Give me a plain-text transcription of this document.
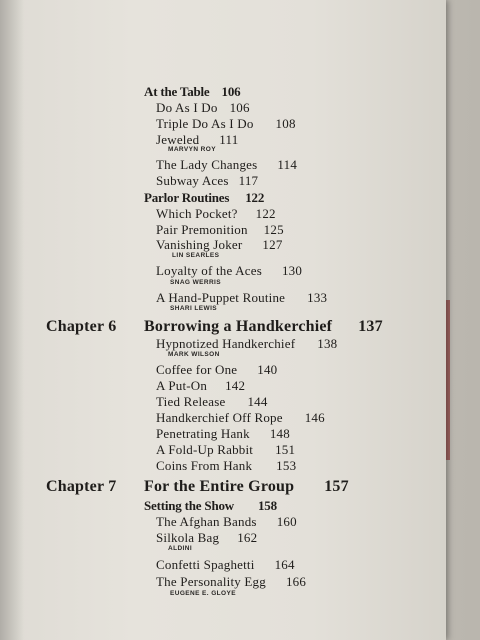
At the Table 106
Do As I Do 106
Triple Do As I Do 108
Jeweled 111
MARVYN ROY
The Lady Changes 114
Subway Aces 117
Parlor Routines 122
Which Pocket? 122
Pair Premonition 125
Vanishing Joker 127
LIN SEARLES
Loyalty of the Aces 130
SNAG WERRIS
A Hand-Puppet Routine 133
SHARI LEWIS
Chapter 6 Borrowing a Handkerchief 137
Hypnotized Handkerchief 138
MARK WILSON
Coffee for One 140
A Put-On 142
Tied Release 144
Handkerchief Off Rope 146
Penetrating Hank 148
A Fold-Up Rabbit 151
Coins From Hank 153
Chapter 7 For the Entire Group 157
Setting the Show 158
The Afghan Bands 160
Silkola Bag 162
ALDINI
Confetti Spaghetti 164
The Personality Egg 166
EUGENE E. GLOYE
